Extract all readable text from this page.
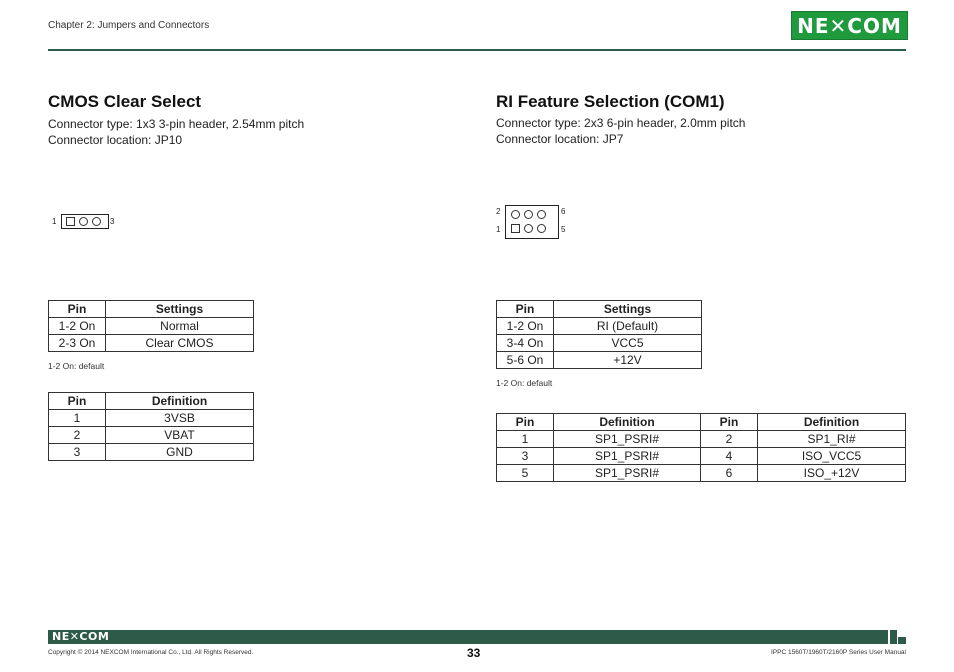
Chapter 2: Jumpers and Connectors	NE✕COM
CMOS Clear Select
Connector type: 1x3 3-pin header, 2.54mm pitch
Connector location: JP10
1	3
Pin	Settings
1-2 On	Normal
2-3 On	Clear CMOS
1-2 On: default
Pin	Definition
1	3VSB
2	VBAT
3	GND
RI Feature Selection (COM1)
Connector type: 2x3 6-pin header, 2.0mm pitch
Connector location: JP7
2
1
6
5
Pin	Settings
1-2 On	RI (Default)
3-4 On	VCC5
5-6 On	+12V
1-2 On: default
Pin	Definition	Pin	Definition
1	SP1_PSRI#	2	SP1_RI#
3	SP1_PSRI#	4	ISO_VCC5
5	SP1_PSRI#	6	ISO_+12V
NE✕COM
Copyright © 2014 NEXCOM International Co., Ltd. All Rights Reserved.	33	IPPC 1560T/1960T/2160P Series User Manual
